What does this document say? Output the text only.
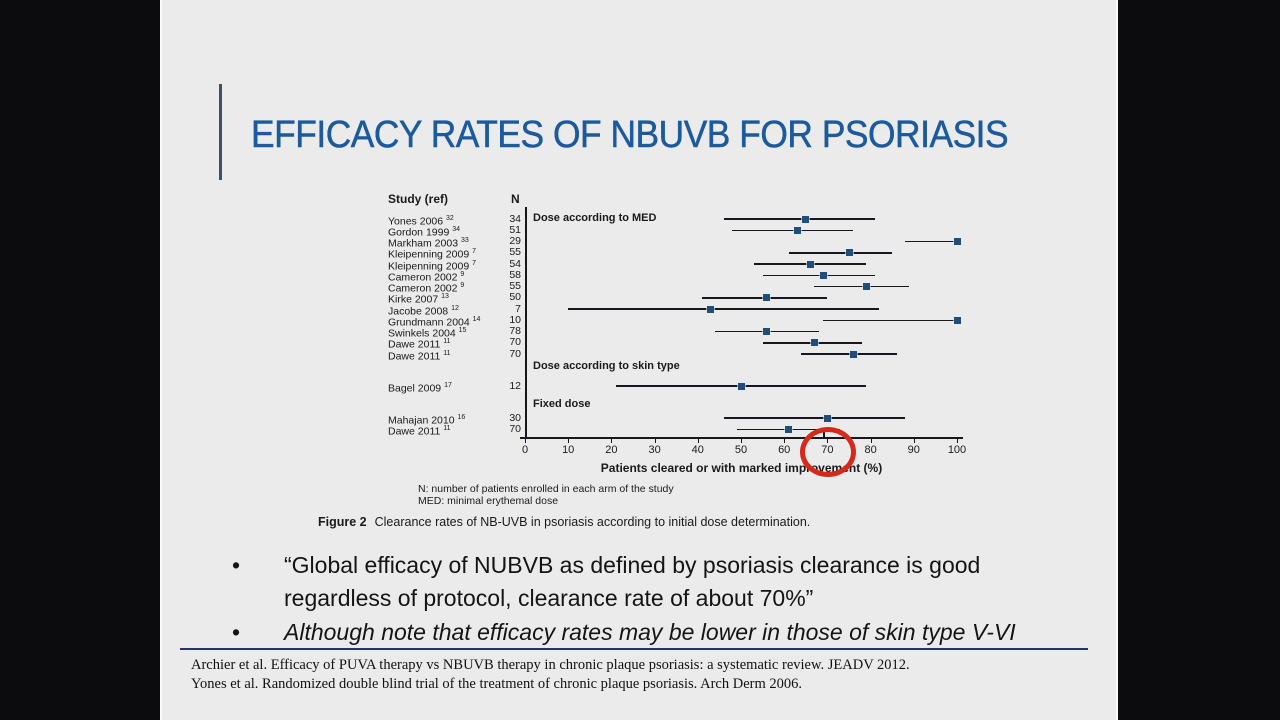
EFFICACY RATES OF NBUVB FOR PSORIASIS
Study (ref)	N
Patients cleared or with marked improvement (%)
Dose according to MED
Yones 2006 $^{32}$	34
Gordon 1999 $^{34}$	51
Markham 2003 $^{33}$	29
Kleipenning 2009 $^7$	55
Kleipenning 2009 $^7$	54
Cameron 2002 $^9$	58
Cameron 2002 $^9$	55
Kirke 2007 $^{13}$	50
Jacobe 2008 $^{12}$	7
Grundmann 2004 $^{14}$	10
Swinkels 2004 $^{15}$	78
Dawe 2011 $^{11}$	70
Dawe 2011 $^{11}$	70
Dose according to skin type
Bagel 2009 $^{17}$	12
Fixed dose
Mahajan 2010 $^{16}$	30
Dawe 2011 $^{11}$	70
0	10	20	30	40	50	60	70	80	90	100
N: number of patients enrolled in each arm of the study
MED: minimal erythemal dose
Figure 2 Clearance rates of NB-UVB in psoriasis according to initial dose determination.
•	“Global efficacy of NUBVB as defined by psoriasis clearance is good regardless of protocol, clearance rate of about 70%”
•	Although note that efficacy rates may be lower in those of skin type V-VI
Archier et al. Efficacy of PUVA therapy vs NBUVB therapy in chronic plaque psoriasis: a systematic review. JEADV 2012.
Yones et al. Randomized double blind trial of the treatment of chronic plaque psoriasis. Arch Derm 2006.
